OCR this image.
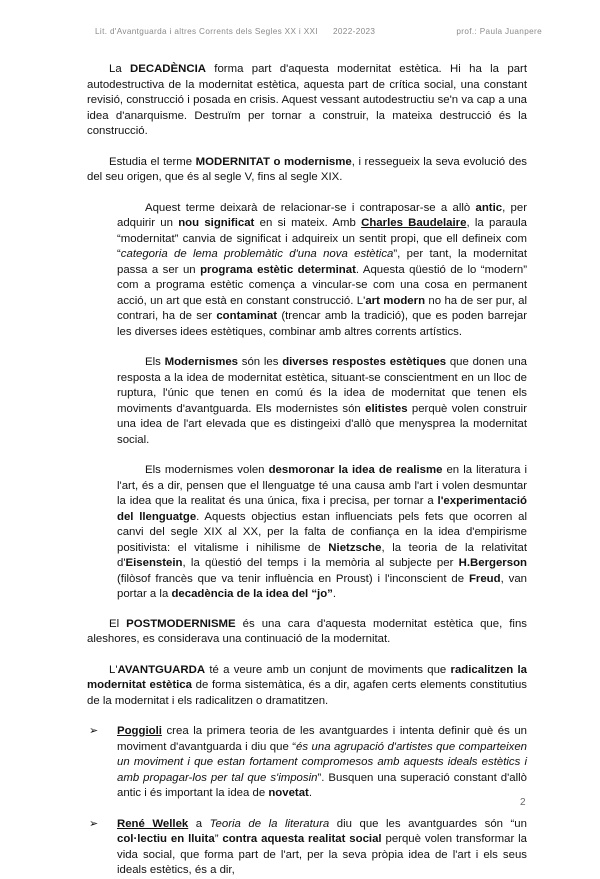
Lit. d'Avantguarda i altres Corrents dels Segles XX i XXI 2022-2023	prof.: Paula Juanpere

La DECADÈNCIA forma part d'aquesta modernitat estètica. Hi ha la part autodestructiva de la modernitat estètica, aquesta part de crítica social, una constant revisió, construcció i posada en crisis. Aquest vessant autodestructiu se'n va cap a una idea d'anarquisme. Destruïm per tornar a construir, la mateixa destrucció és la construcció.

Estudia el terme MODERNITAT o modernisme, i ressegueix la seva evolució des del seu origen, que és al segle V, fins al segle XIX.

Aquest terme deixarà de relacionar-se i contraposar-se a allò antic, per adquirir un nou significat en si mateix. Amb Charles Baudelaire, la paraula “modernitat” canvia de significat i adquireix un sentit propi, que ell defineix com “categoria de lema problemàtic d'una nova estètica”, per tant, la modernitat passa a ser un programa estètic determinat. Aquesta qüestió de lo “modern” com a programa estètic comença a vincular-se com una cosa en permanent acció, un art que està en constant construcció. L'art modern no ha de ser pur, al contrari, ha de ser contaminat (trencar amb la tradició), que es poden barrejar les diverses idees estètiques, combinar amb altres corrents artístics.

Els Modernismes són les diverses respostes estètiques que donen una resposta a la idea de modernitat estètica, situant-se conscientment en un lloc de ruptura, l'únic que tenen en comú és la idea de modernitat que tenen els moviments d'avantguarda. Els modernistes són elitistes perquè volen construir una idea de l'art elevada que es distingeixi d'allò que menysprea la modernitat social.

Els modernismes volen desmoronar la idea de realisme en la literatura i l'art, és a dir, pensen que el llenguatge té una causa amb l'art i volen desmuntar la idea que la realitat és una única, fixa i precisa, per tornar a l'experimentació del llenguatge. Aquests objectius estan influenciats pels fets que ocorren al canvi del segle XIX al XX, per la falta de confiança en la idea d'empirisme positivista: el vitalisme i nihilisme de Nietzsche, la teoria de la relativitat d'Eisenstein, la qüestió del temps i la memòria al subjecte per H.Bergerson (filòsof francès que va tenir influència en Proust) i l'inconscient de Freud, van portar a la decadència de la idea del “jo”.

El POSTMODERNISME és una cara d'aquesta modernitat estètica que, fins aleshores, es considerava una continuació de la modernitat.

L'AVANTGUARDA té a veure amb un conjunt de moviments que radicalitzen la modernitat estètica de forma sistemàtica, és a dir, agafen certs elements constitutius de la modernitat i els radicalitzen o dramatitzen.

➢ Poggioli crea la primera teoria de les avantguardes i intenta definir què és un moviment d'avantguarda i diu que “és una agrupació d'artistes que comparteixen un moviment i que estan fortament compromesos amb aquests ideals estètics i amb propagar-los per tal que s'imposin”. Busquen una superació constant d'allò antic i és important la idea de novetat.

➢ René Wellek a Teoria de la literatura diu que les avantguardes són “un col·lectiu en lluita” contra aquesta realitat social perquè volen transformar la vida social, que forma part de l'art, per la seva pròpia idea de l'art i els seus ideals estètics, és a dir,

2
